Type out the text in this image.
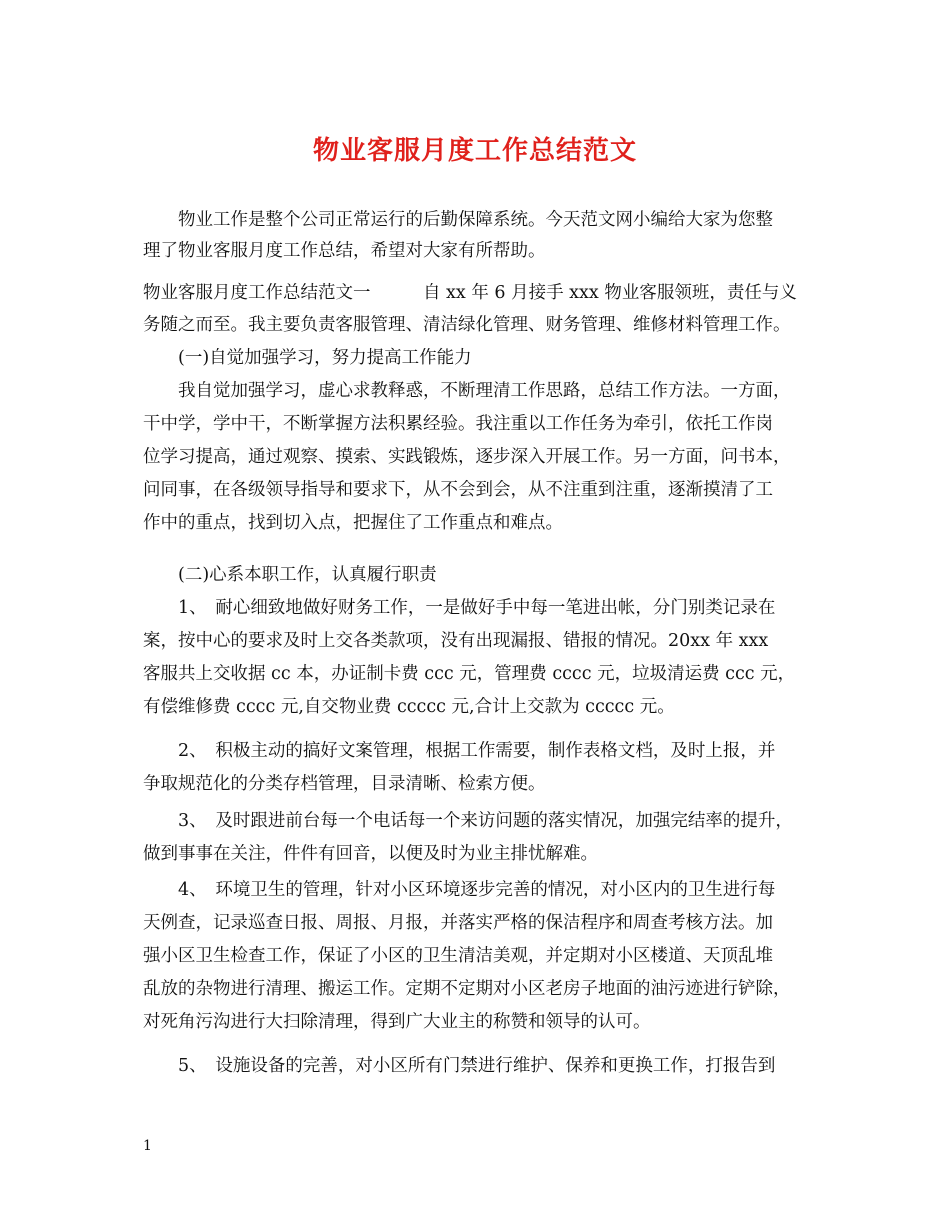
物业客服月度工作总结范文
物业工作是整个公司正常运行的后勤保障系统。今天范文网小编给大家为您整
理了物业客服月度工作总结，希望对大家有所帮助。
物业客服月度工作总结范文一　　　自 xx 年 6 月接手 xxx 物业客服领班，责任与义
务随之而至。我主要负责客服管理、清洁绿化管理、财务管理、维修材料管理工作。
(一)自觉加强学习，努力提高工作能力
我自觉加强学习，虚心求教释惑，不断理清工作思路，总结工作方法。一方面，
干中学，学中干，不断掌握方法积累经验。我注重以工作任务为牵引，依托工作岗
位学习提高，通过观察、摸索、实践锻炼，逐步深入开展工作。另一方面，问书本，
问同事，在各级领导指导和要求下，从不会到会，从不注重到注重，逐渐摸清了工
作中的重点，找到切入点，把握住了工作重点和难点。
(二)心系本职工作，认真履行职责
1、　耐心细致地做好财务工作，一是做好手中每一笔进出帐，分门别类记录在
案，按中心的要求及时上交各类款项，没有出现漏报、错报的情况。20xx 年 xxx
客服共上交收据 cc 本，办证制卡费 ccc 元，管理费 cccc 元，垃圾清运费 ccc 元，
有偿维修费 cccc 元,自交物业费 ccccc 元,合计上交款为 ccccc 元。
2、　积极主动的搞好文案管理，根据工作需要，制作表格文档，及时上报，并
争取规范化的分类存档管理，目录清晰、检索方便。
3、　及时跟进前台每一个电话每一个来访问题的落实情况，加强完结率的提升，
做到事事在关注，件件有回音，以便及时为业主排忧解难。
4、　环境卫生的管理，针对小区环境逐步完善的情况，对小区内的卫生进行每
天例查，记录巡查日报、周报、月报，并落实严格的保洁程序和周查考核方法。加
强小区卫生检查工作，保证了小区的卫生清洁美观，并定期对小区楼道、天顶乱堆
乱放的杂物进行清理、搬运工作。定期不定期对小区老房子地面的油污迹进行铲除，
对死角污沟进行大扫除清理，得到广大业主的称赞和领导的认可。
5、　设施设备的完善，对小区所有门禁进行维护、保养和更换工作，打报告到
1
